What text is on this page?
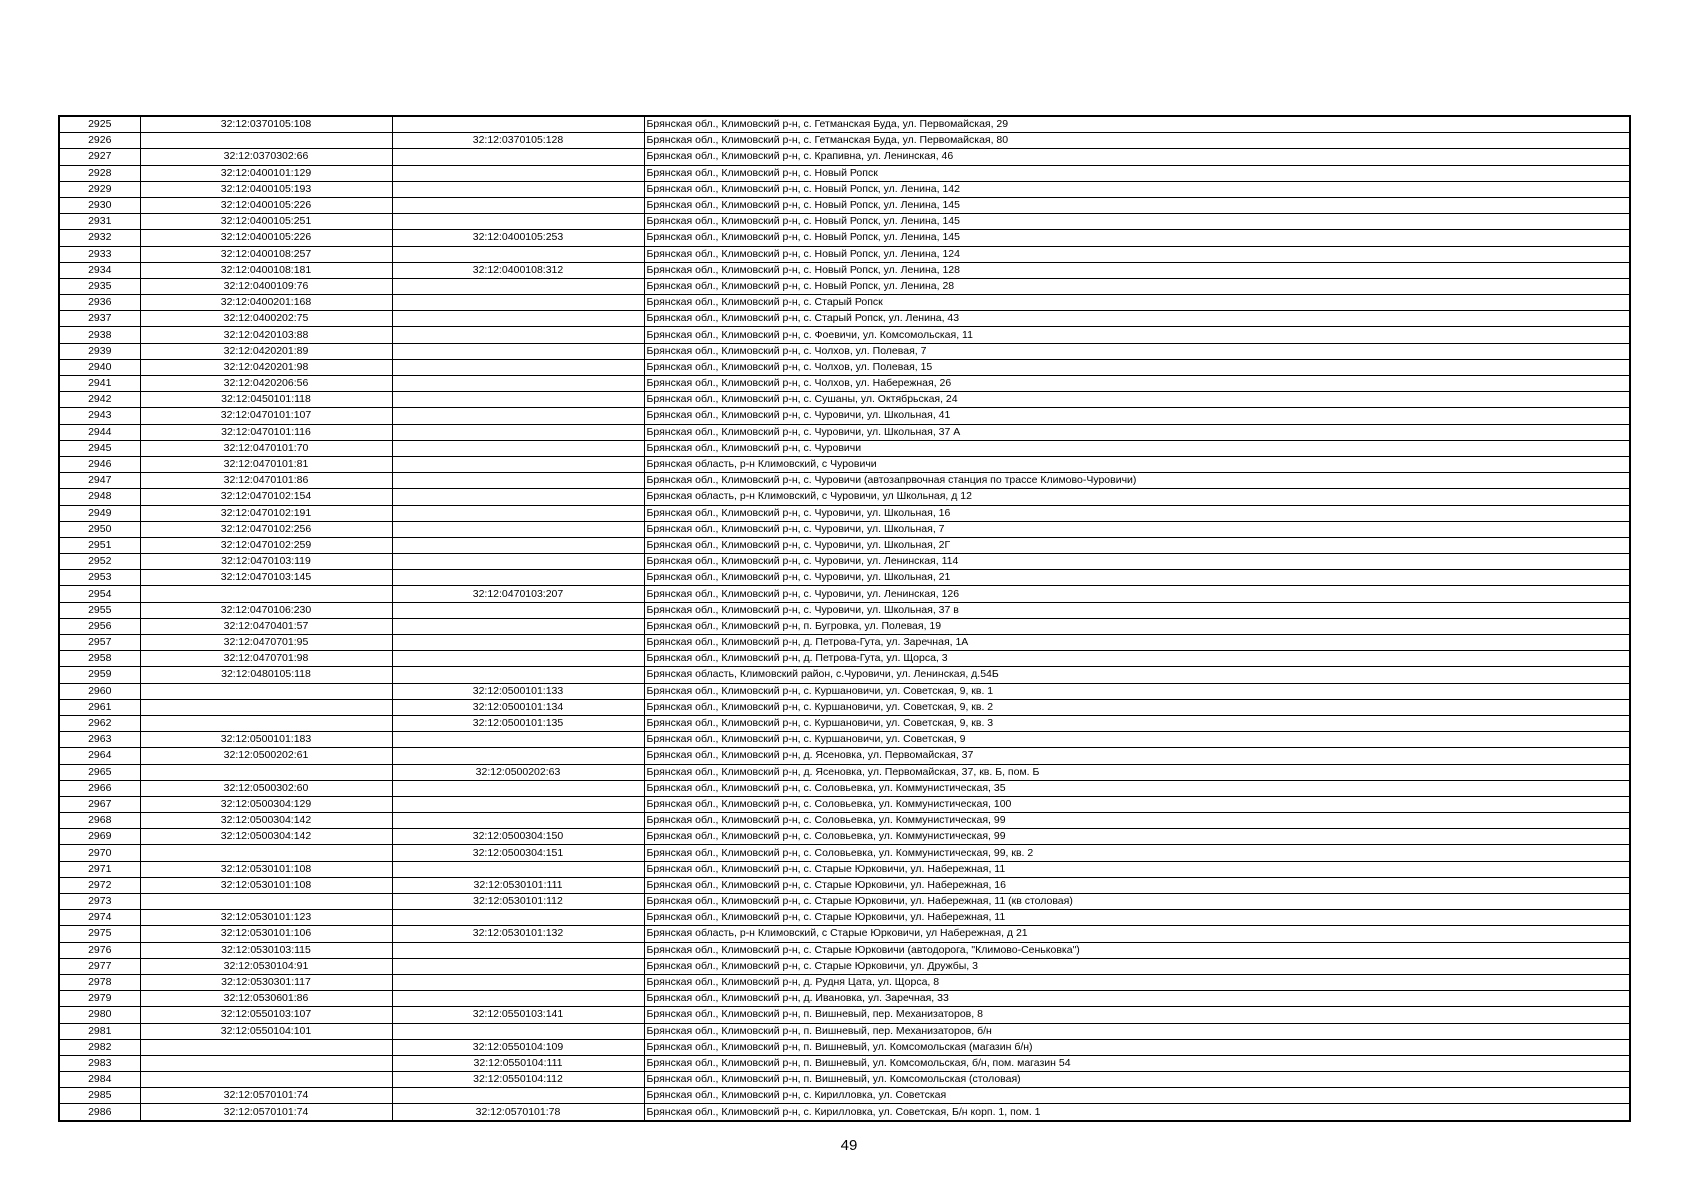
2925	32:12:0370105:108		Брянская обл., Климовский р-н, с. Гетманская Буда, ул. Первомайская, 29
2926		32:12:0370105:128	Брянская обл., Климовский р-н, с. Гетманская Буда, ул. Первомайская, 80
2927	32:12:0370302:66		Брянская обл., Климовский р-н, с. Крапивна, ул. Ленинская, 46
2928	32:12:0400101:129		Брянская обл., Климовский р-н, с. Новый Ропск
2929	32:12:0400105:193		Брянская обл., Климовский р-н, с. Новый Ропск, ул. Ленина, 142
2930	32:12:0400105:226		Брянская обл., Климовский р-н, с. Новый Ропск, ул. Ленина, 145
2931	32:12:0400105:251		Брянская обл., Климовский р-н, с. Новый Ропск, ул. Ленина, 145
2932	32:12:0400105:226	32:12:0400105:253	Брянская обл., Климовский р-н, с. Новый Ропск, ул. Ленина, 145
2933	32:12:0400108:257		Брянская обл., Климовский р-н, с. Новый Ропск, ул. Ленина, 124
2934	32:12:0400108:181	32:12:0400108:312	Брянская обл., Климовский р-н, с. Новый Ропск, ул. Ленина, 128
2935	32:12:0400109:76		Брянская обл., Климовский р-н, с. Новый Ропск, ул. Ленина, 28
2936	32:12:0400201:168		Брянская обл., Климовский р-н, с. Старый Ропск
2937	32:12:0400202:75		Брянская обл., Климовский р-н, с. Старый Ропск, ул. Ленина, 43
2938	32:12:0420103:88		Брянская обл., Климовский р-н, с. Фоевичи, ул. Комсомольская, 11
2939	32:12:0420201:89		Брянская обл., Климовский р-н, с. Чолхов, ул. Полевая, 7
2940	32:12:0420201:98		Брянская обл., Климовский р-н, с. Чолхов, ул. Полевая, 15
2941	32:12:0420206:56		Брянская обл., Климовский р-н, с. Чолхов, ул. Набережная, 26
2942	32:12:0450101:118		Брянская обл., Климовский р-н, с. Сушаны, ул. Октябрьская, 24
2943	32:12:0470101:107		Брянская обл., Климовский р-н, с. Чуровичи, ул. Школьная, 41
2944	32:12:0470101:116		Брянская обл., Климовский р-н, с. Чуровичи, ул. Школьная, 37 А
2945	32:12:0470101:70		Брянская обл., Климовский р-н, с. Чуровичи
2946	32:12:0470101:81		Брянская область, р-н Климовский, с Чуровичи
2947	32:12:0470101:86		Брянская обл., Климовский р-н, с. Чуровичи (автозапрвочная станция по трассе Климово-Чуровичи)
2948	32:12:0470102:154		Брянская область, р-н Климовский, с Чуровичи, ул Школьная, д 12
2949	32:12:0470102:191		Брянская обл., Климовский р-н, с. Чуровичи, ул. Школьная, 16
2950	32:12:0470102:256		Брянская обл., Климовский р-н, с. Чуровичи, ул. Школьная, 7
2951	32:12:0470102:259		Брянская обл., Климовский р-н, с. Чуровичи, ул. Школьная, 2Г
2952	32:12:0470103:119		Брянская обл., Климовский р-н, с. Чуровичи, ул. Ленинская, 114
2953	32:12:0470103:145		Брянская обл., Климовский р-н, с. Чуровичи, ул. Школьная, 21
2954		32:12:0470103:207	Брянская обл., Климовский р-н, с. Чуровичи, ул. Ленинская, 126
2955	32:12:0470106:230		Брянская обл., Климовский р-н, с. Чуровичи, ул. Школьная, 37 в
2956	32:12:0470401:57		Брянская обл., Климовский р-н, п. Бугровка, ул. Полевая, 19
2957	32:12:0470701:95		Брянская обл., Климовский р-н, д. Петрова-Гута, ул. Заречная, 1А
2958	32:12:0470701:98		Брянская обл., Климовский р-н, д. Петрова-Гута, ул. Щорса, 3
2959	32:12:0480105:118		Брянская область, Климовский район, с.Чуровичи, ул. Ленинская, д.54Б
2960		32:12:0500101:133	Брянская обл., Климовский р-н, с. Куршановичи, ул. Советская, 9, кв. 1
2961		32:12:0500101:134	Брянская обл., Климовский р-н, с. Куршановичи, ул. Советская, 9, кв. 2
2962		32:12:0500101:135	Брянская обл., Климовский р-н, с. Куршановичи, ул. Советская, 9, кв. 3
2963	32:12:0500101:183		Брянская обл., Климовский р-н, с. Куршановичи, ул. Советская, 9
2964	32:12:0500202:61		Брянская обл., Климовский р-н, д. Ясеновка, ул. Первомайская, 37
2965		32:12:0500202:63	Брянская обл., Климовский р-н, д. Ясеновка, ул. Первомайская, 37, кв. Б, пом. Б
2966	32:12:0500302:60		Брянская обл., Климовский р-н, с. Соловьевка, ул. Коммунистическая, 35
2967	32:12:0500304:129		Брянская обл., Климовский р-н, с. Соловьевка, ул. Коммунистическая, 100
2968	32:12:0500304:142		Брянская обл., Климовский р-н, с. Соловьевка, ул. Коммунистическая, 99
2969	32:12:0500304:142	32:12:0500304:150	Брянская обл., Климовский р-н, с. Соловьевка, ул. Коммунистическая, 99
2970		32:12:0500304:151	Брянская обл., Климовский р-н, с. Соловьевка, ул. Коммунистическая, 99, кв. 2
2971	32:12:0530101:108		Брянская обл., Климовский р-н, с. Старые Юрковичи, ул. Набережная, 11
2972	32:12:0530101:108	32:12:0530101:111	Брянская обл., Климовский р-н, с. Старые Юрковичи, ул. Набережная, 16
2973		32:12:0530101:112	Брянская обл., Климовский р-н, с. Старые Юрковичи, ул. Набережная, 11 (кв столовая)
2974	32:12:0530101:123		Брянская обл., Климовский р-н, с. Старые Юрковичи, ул. Набережная, 11
2975	32:12:0530101:106	32:12:0530101:132	Брянская область, р-н Климовский, с Старые Юрковичи, ул Набережная, д 21
2976	32:12:0530103:115		Брянская обл., Климовский р-н, с. Старые Юрковичи (автодорога, "Климово-Сеньковка")
2977	32:12:0530104:91		Брянская обл., Климовский р-н, с. Старые Юрковичи, ул. Дружбы, 3
2978	32:12:0530301:117		Брянская обл., Климовский р-н, д. Рудня Цата, ул. Щорса, 8
2979	32:12:0530601:86		Брянская обл., Климовский р-н, д. Ивановка, ул. Заречная, 33
2980	32:12:0550103:107	32:12:0550103:141	Брянская обл., Климовский р-н, п. Вишневый, пер. Механизаторов, 8
2981	32:12:0550104:101		Брянская обл., Климовский р-н, п. Вишневый, пер. Механизаторов, б/н
2982		32:12:0550104:109	Брянская обл., Климовский р-н, п. Вишневый, ул. Комсомольская (магазин б/н)
2983		32:12:0550104:111	Брянская обл., Климовский р-н, п. Вишневый, ул. Комсомольская, б/н, пом. магазин 54
2984		32:12:0550104:112	Брянская обл., Климовский р-н, п. Вишневый, ул. Комсомольская (столовая)
2985	32:12:0570101:74		Брянская обл., Климовский р-н, с. Кирилловка, ул. Советская
2986	32:12:0570101:74	32:12:0570101:78	Брянская обл., Климовский р-н, с. Кирилловка, ул. Советская, Б/н корп. 1, пом. 1
49
